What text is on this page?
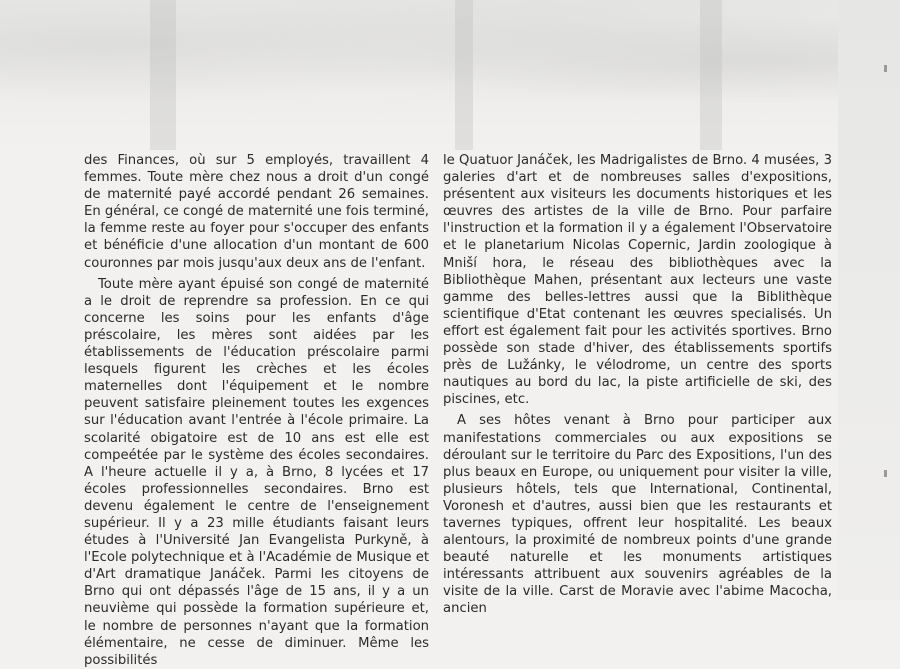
des Finances, où sur 5 employés, travaillent 4 femmes. Toute mère chez nous a droit d'un congé de maternité payé accordé pendant 26 semaines. En général, ce congé de maternité une fois terminé, la femme reste au foyer pour s'occuper des enfants et bénéficie d'une allocation d'un montant de 600 couronnes par mois jusqu'aux deux ans de l'enfant.

Toute mère ayant épuisé son congé de maternité a le droit de reprendre sa profession. En ce qui concerne les soins pour les enfants d'âge préscolaire, les mères sont aidées par les établissements de l'éducation préscolaire parmi lesquels figurent les crèches et les écoles maternelles dont l'équipement et le nombre peuvent satisfaire pleinement toutes les exgences sur l'éducation avant l'entrée à l'école primaire. La scolarité obigatoire est de 10 ans est elle est compeétée par le système des écoles secondaires. A l'heure actuelle il y a, à Brno, 8 lycées et 17 écoles professionnelles secondaires. Brno est devenu également le centre de l'enseignement supérieur. Il y a 23 mille étudiants faisant leurs études à l'Université Jan Evangelista Purkyně, à l'Ecole polytechnique et à l'Académie de Musique et d'Art dramatique Janáček. Parmi les citoyens de Brno qui ont dépassés l'âge de 15 ans, il y a un neuvième qui possède la formation supérieure et, le nombre de personnes n'ayant que la formation élémentaire, ne cesse de diminuer. Même les possibilités

le Quatuor Janáček, les Madrigalistes de Brno. 4 musées, 3 galeries d'art et de nombreuses salles d'expositions, présentent aux visiteurs les documents historiques et les œuvres des artistes de la ville de Brno. Pour parfaire l'instruction et la formation il y a également l'Observatoire et le planetarium Nicolas Copernic, Jardin zoologique à Mniší hora, le réseau des bibliothèques avec la Bibliothèque Mahen, présentant aux lecteurs une vaste gamme des belles-lettres aussi que la Biblithèque scientifique d'Etat contenant les œuvres specialisés. Un effort est également fait pour les activités sportives. Brno possède son stade d'hiver, des établissements sportifs près de Lužánky, le vélodrome, un centre des sports nautiques au bord du lac, la piste artificielle de ski, des piscines, etc.

A ses hôtes venant à Brno pour participer aux manifestations commerciales ou aux expositions se déroulant sur le territoire du Parc des Expositions, l'un des plus beaux en Europe, ou uniquement pour visiter la ville, plusieurs hôtels, tels que International, Continental, Voronesh et d'autres, aussi bien que les restaurants et tavernes typiques, offrent leur hospitalité. Les beaux alentours, la proximité de nombreux points d'une grande beauté naturelle et les monuments artistiques intéressants attribuent aux souvenirs agréables de la visite de la ville. Carst de Moravie avec l'abime Macocha, ancien
